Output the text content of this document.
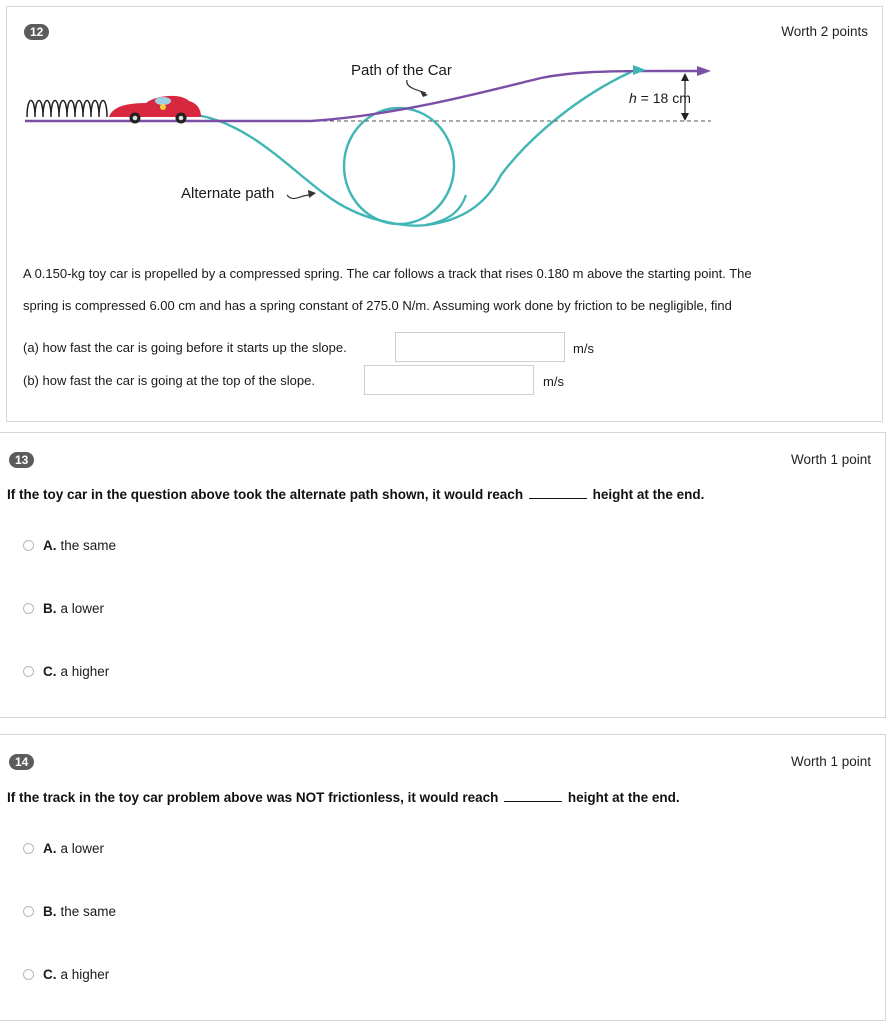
12	Worth 2 points
Path of the Car
Alternate path
h = 18 cm
A 0.150-kg toy car is propelled by a compressed spring. The car follows a track that rises 0.180 m above the starting point. The
spring is compressed 6.00 cm and has a spring constant of 275.0 N/m. Assuming work done by friction to be negligible, find
(a) how fast the car is going before it starts up the slope.	m/s
(b) how fast the car is going at the top of the slope.	m/s
13	Worth 1 point
If the toy car in the question above took the alternate path shown, it would reach	height at the end.
A. the same
B. a lower
C. a higher
14	Worth 1 point
If the track in the toy car problem above was NOT frictionless, it would reach	height at the end.
A. a lower
B. the same
C. a higher
